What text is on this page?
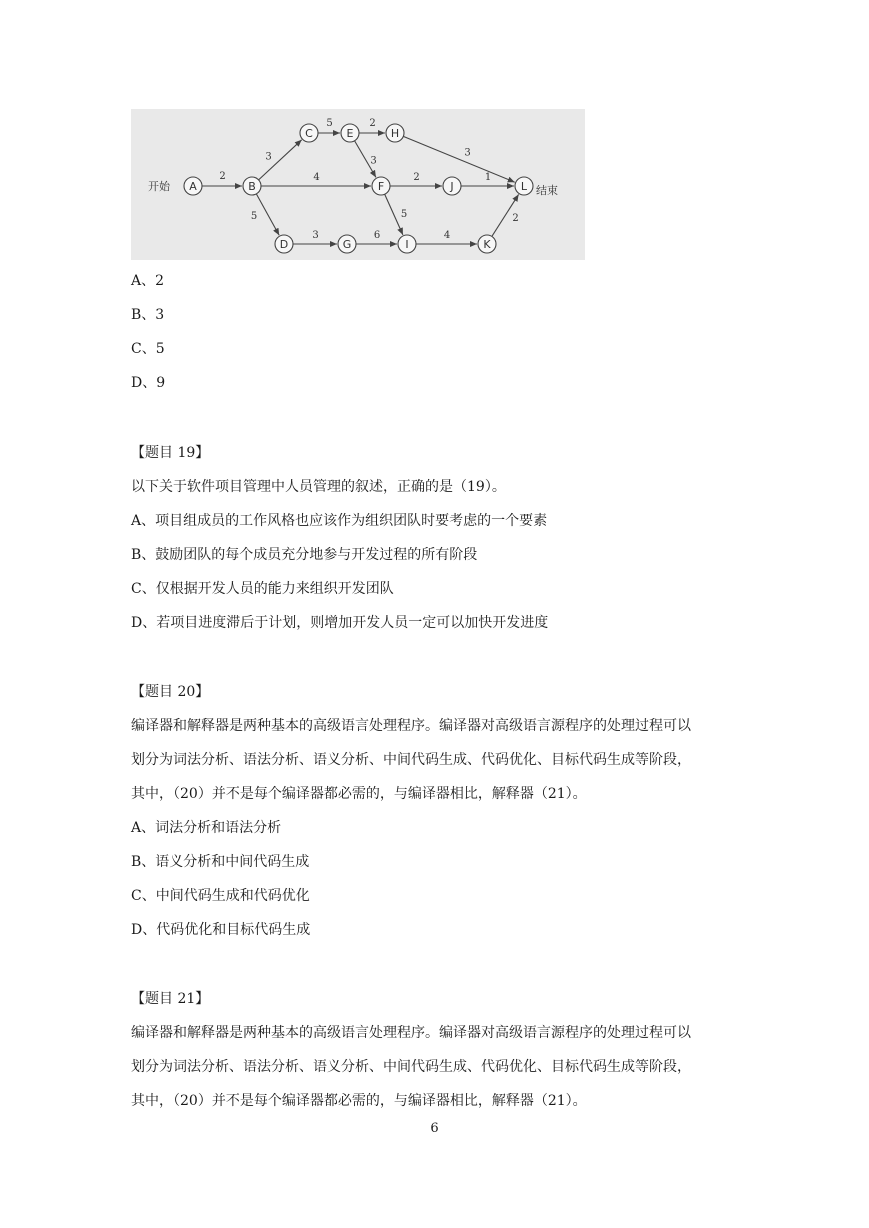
2
3
4
5
5	2
3
3
2	1
5
3	6	4
2
A	B
C
D
E
F
G
H
I
J
K
L
开始	结束
A、2
B、3
C、5
D、9
【题目 19】
以下关于软件项目管理中人员管理的叙述，正确的是（19）。
A、项目组成员的工作风格也应该作为组织团队时要考虑的一个要素
B、鼓励团队的每个成员充分地参与开发过程的所有阶段
C、仅根据开发人员的能力来组织开发团队
D、若项目进度滞后于计划，则增加开发人员一定可以加快开发进度
【题目 20】
编译器和解释器是两种基本的高级语言处理程序。编译器对高级语言源程序的处理过程可以
划分为词法分析、语法分析、语义分析、中间代码生成、代码优化、目标代码生成等阶段，
其中，（20）并不是每个编译器都必需的，与编译器相比，解释器（21）。
A、词法分析和语法分析
B、语义分析和中间代码生成
C、中间代码生成和代码优化
D、代码优化和目标代码生成
【题目 21】
编译器和解释器是两种基本的高级语言处理程序。编译器对高级语言源程序的处理过程可以
划分为词法分析、语法分析、语义分析、中间代码生成、代码优化、目标代码生成等阶段，
其中，（20）并不是每个编译器都必需的，与编译器相比，解释器（21）。
6
